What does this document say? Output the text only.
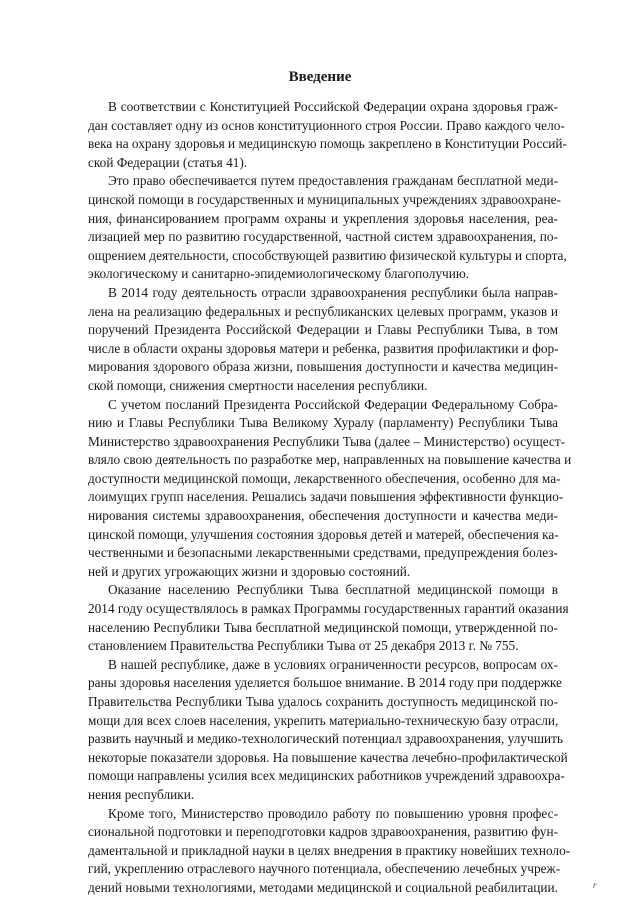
Введение
В соответствии с Конституцией Российской Федерации охрана здоровья граж-
дан составляет одну из основ конституционного строя России. Право каждого чело-
века на охрану здоровья и медицинскую помощь закреплено в Конституции Россий-
ской Федерации (статья 41).
Это право обеспечивается путем предоставления гражданам бесплатной меди-
цинской помощи в государственных и муниципальных учреждениях здравоохране-
ния, финансированием программ охраны и укрепления здоровья населения, реа-
лизацией мер по развитию государственной, частной систем здравоохранения, по-
ощрением деятельности, способствующей развитию физической культуры и спорта,
экологическому и санитарно-эпидемиологическому благополучию.
В 2014 году деятельность отрасли здравоохранения республики была направ-
лена на реализацию федеральных и республиканских целевых программ, указов и
поручений Президента Российской Федерации и Главы Республики Тыва, в том
числе в области охраны здоровья матери и ребенка, развития профилактики и фор-
мирования здорового образа жизни, повышения доступности и качества медицин-
ской помощи, снижения смертности населения республики.
С учетом посланий Президента Российской Федерации Федеральному Собра-
нию и Главы Республики Тыва Великому Хуралу (парламенту) Республики Тыва
Министерство здравоохранения Республики Тыва (далее – Министерство) осущест-
вляло свою деятельность по разработке мер, направленных на повышение качества и
доступности медицинской помощи, лекарственного обеспечения, особенно для ма-
лоимущих групп населения. Решались задачи повышения эффективности функцио-
нирования системы здравоохранения, обеспечения доступности и качества меди-
цинской помощи, улучшения состояния здоровья детей и матерей, обеспечения ка-
чественными и безопасными лекарственными средствами, предупреждения болез-
ней и других угрожающих жизни и здоровью состояний.
Оказание населению Республики Тыва бесплатной медицинской помощи в
2014 году осуществлялось в рамках Программы государственных гарантий оказания
населению Республики Тыва бесплатной медицинской помощи, утвержденной по-
становлением Правительства Республики Тыва от 25 декабря 2013 г. № 755.
В нашей республике, даже в условиях ограниченности ресурсов, вопросам ох-
раны здоровья населения уделяется большое внимание. В 2014 году при поддержке
Правительства Республики Тыва удалось сохранить доступность медицинской по-
мощи для всех слоев населения, укрепить материально-техническую базу отрасли,
развить научный и медико-технологический потенциал здравоохранения, улучшить
некоторые показатели здоровья. На повышение качества лечебно-профилактической
помощи направлены усилия всех медицинских работников учреждений здравоохра-
нения республики.
Кроме того, Министерство проводило работу по повышению уровня профес-
сиональной подготовки и переподготовки кадров здравоохранения, развитию фун-
даментальной и прикладной науки в целях внедрения в практику новейших техноло-
гий, укреплению отраслевого научного потенциала, обеспечению лечебных учреж-
дений новыми технологиями, методами медицинской и социальной реабилитации.	r
